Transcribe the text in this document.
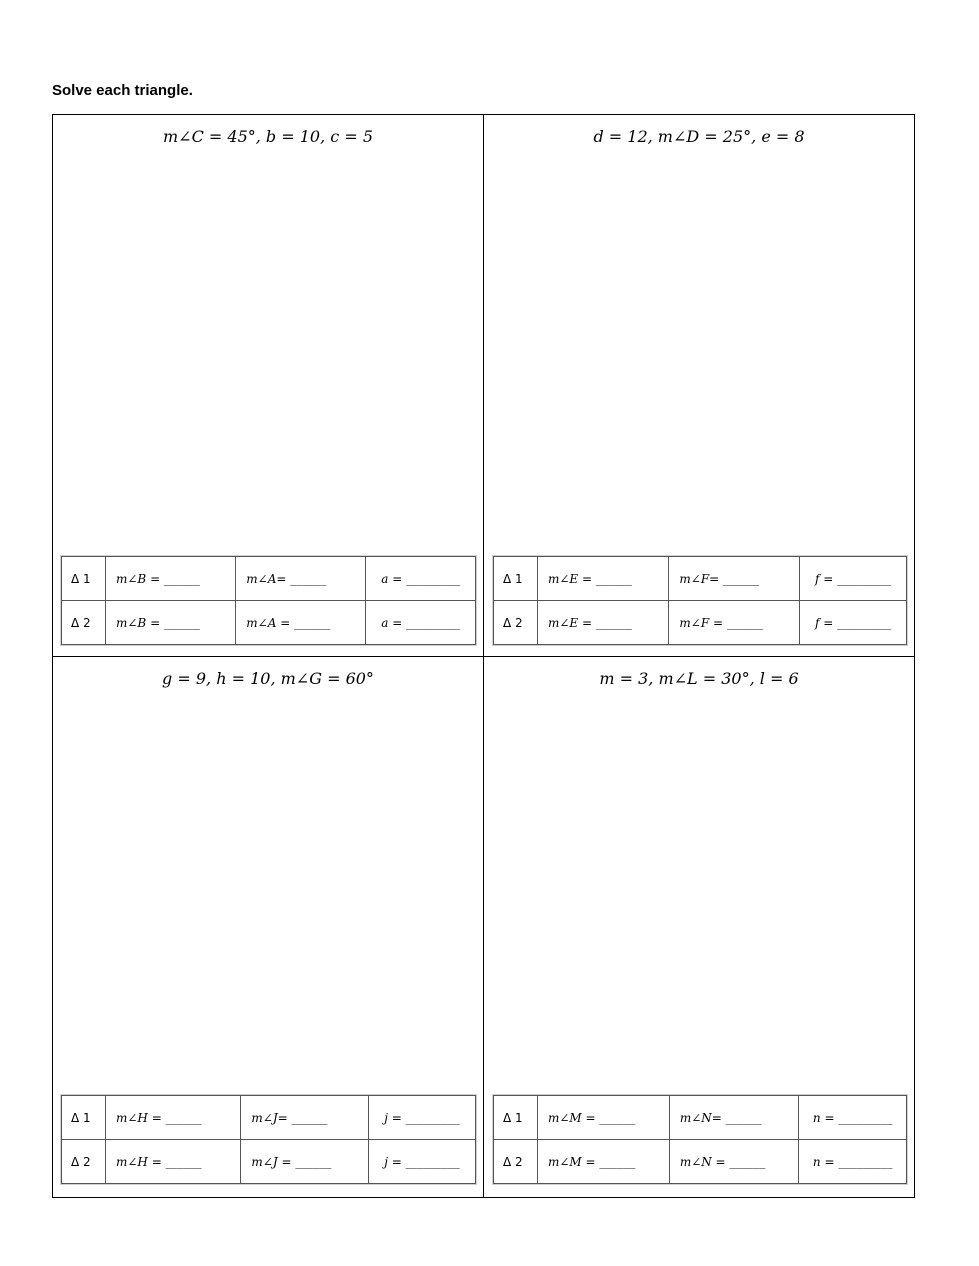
Solve each triangle.
m∠C = 45°, b = 10, c = 5
Δ 1	m∠B = ______	m∠A= ______	a = _________
Δ 2	m∠B = ______	m∠A = ______	a = _________
d = 12, m∠D = 25°, e = 8
Δ 1	m∠E = ______	m∠F= ______	f = _________
Δ 2	m∠E = ______	m∠F = ______	f = _________
g = 9, h = 10, m∠G = 60°
Δ 1	m∠H = ______	m∠J= ______	j = _________
Δ 2	m∠H = ______	m∠J = ______	j = _________
m = 3, m∠L = 30°, l = 6
Δ 1	m∠M = ______	m∠N= ______	n = _________
Δ 2	m∠M = ______	m∠N = ______	n = _________
